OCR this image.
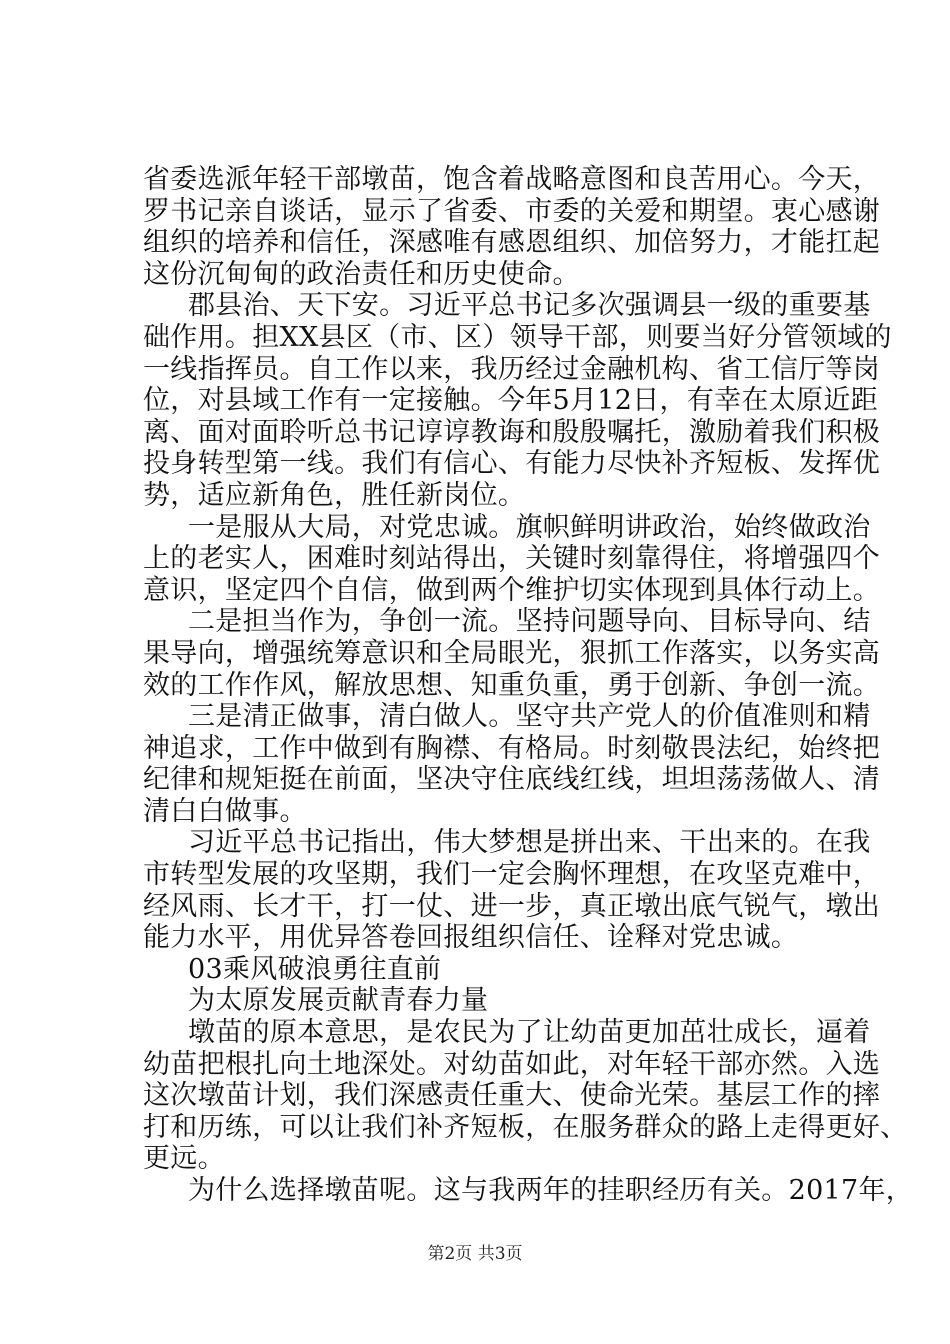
省委选派年轻干部墩苗，饱含着战略意图和良苦用心。今天，
罗书记亲自谈话，显示了省委、市委的关爱和期望。衷心感谢
组织的培养和信任，深感唯有感恩组织、加倍努力，才能扛起
这份沉甸甸的政治责任和历史使命。
郡县治、天下安。习近平总书记多次强调县一级的重要基
础作用。担XX县区（市、区）领导干部，则要当好分管领域的
一线指挥员。自工作以来，我历经过金融机构、省工信厅等岗
位，对县域工作有一定接触。今年5月12日，有幸在太原近距
离、面对面聆听总书记谆谆教诲和殷殷嘱托，激励着我们积极
投身转型第一线。我们有信心、有能力尽快补齐短板、发挥优
势，适应新角色，胜任新岗位。
一是服从大局，对党忠诚。旗帜鲜明讲政治，始终做政治
上的老实人，困难时刻站得出，关键时刻靠得住，将增强四个
意识，坚定四个自信，做到两个维护切实体现到具体行动上。
二是担当作为，争创一流。坚持问题导向、目标导向、结
果导向，增强统筹意识和全局眼光，狠抓工作落实，以务实高
效的工作作风，解放思想、知重负重，勇于创新、争创一流。
三是清正做事，清白做人。坚守共产党人的价值准则和精
神追求，工作中做到有胸襟、有格局。时刻敬畏法纪，始终把
纪律和规矩挺在前面，坚决守住底线红线，坦坦荡荡做人、清
清白白做事。
习近平总书记指出，伟大梦想是拼出来、干出来的。在我
市转型发展的攻坚期，我们一定会胸怀理想，在攻坚克难中，
经风雨、长才干，打一仗、进一步，真正墩出底气锐气，墩出
能力水平，用优异答卷回报组织信任、诠释对党忠诚。
03乘风破浪勇往直前
为太原发展贡献青春力量
墩苗的原本意思，是农民为了让幼苗更加茁壮成长，逼着
幼苗把根扎向土地深处。对幼苗如此，对年轻干部亦然。入选
这次墩苗计划，我们深感责任重大、使命光荣。基层工作的摔
打和历练，可以让我们补齐短板，在服务群众的路上走得更好、
更远。
为什么选择墩苗呢。这与我两年的挂职经历有关。2017年，
第2页 共3页
